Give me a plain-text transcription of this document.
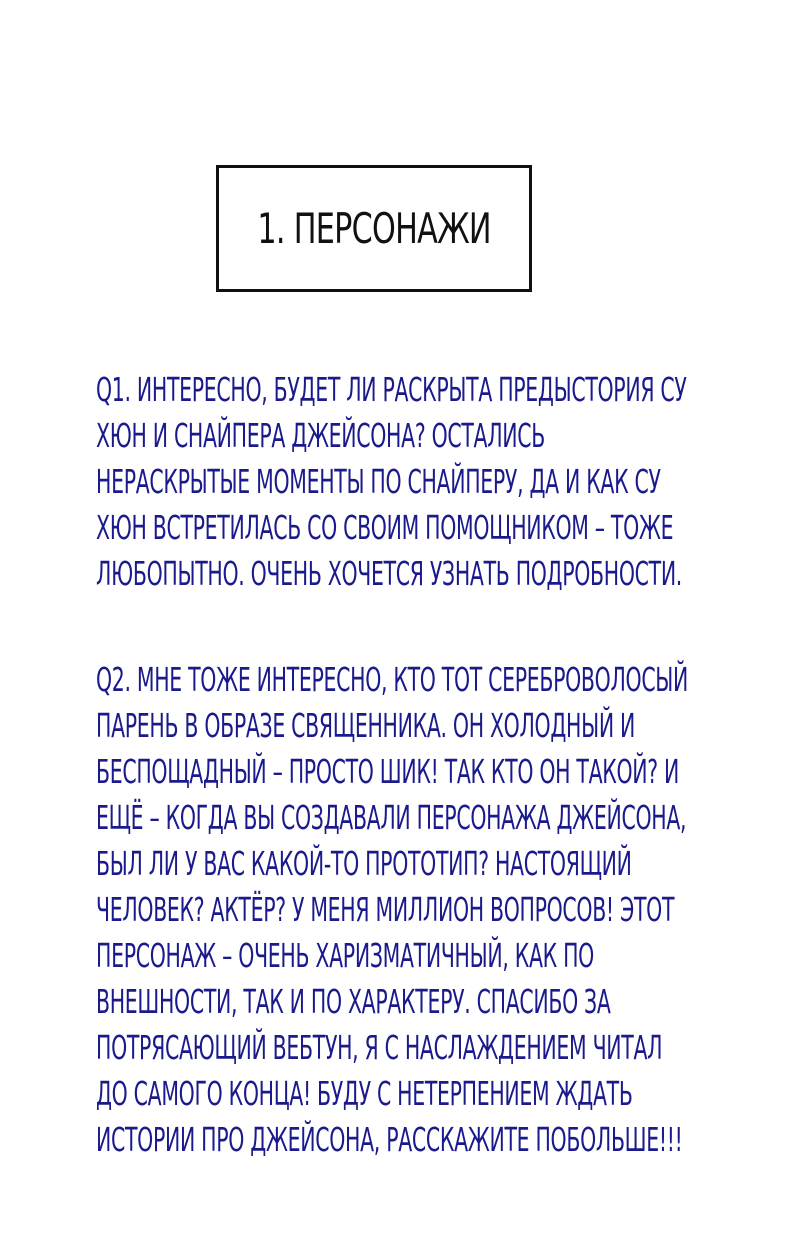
1. ПЕРСОНАЖИ
Q1. ИНТЕРЕСНО, БУДЕТ ЛИ РАСКРЫТА ПРЕДЫСТОРИЯ СУ
ХЮН И СНАЙПЕРА ДЖЕЙСОНА? ОСТАЛИСЬ
НЕРАСКРЫТЫЕ МОМЕНТЫ ПО СНАЙПЕРУ, ДА И КАК СУ
ХЮН ВСТРЕТИЛАСЬ СО СВОИМ ПОМОЩНИКОМ – ТОЖЕ
ЛЮБОПЫТНО. ОЧЕНЬ ХОЧЕТСЯ УЗНАТЬ ПОДРОБНОСТИ.
Q2. МНЕ ТОЖЕ ИНТЕРЕСНО, КТО ТОТ СЕРЕБРОВОЛОСЫЙ
ПАРЕНЬ В ОБРАЗЕ СВЯЩЕННИКА. ОН ХОЛОДНЫЙ И
БЕСПОЩАДНЫЙ – ПРОСТО ШИК! ТАК КТО ОН ТАКОЙ? И
ЕЩЁ – КОГДА ВЫ СОЗДАВАЛИ ПЕРСОНАЖА ДЖЕЙСОНА,
БЫЛ ЛИ У ВАС КАКОЙ-ТО ПРОТОТИП? НАСТОЯЩИЙ
ЧЕЛОВЕК? АКТЁР? У МЕНЯ МИЛЛИОН ВОПРОСОВ! ЭТОТ
ПЕРСОНАЖ – ОЧЕНЬ ХАРИЗМАТИЧНЫЙ, КАК ПО
ВНЕШНОСТИ, ТАК И ПО ХАРАКТЕРУ. СПАСИБО ЗА
ПОТРЯСАЮЩИЙ ВЕБТУН, Я С НАСЛАЖДЕНИЕМ ЧИТАЛ
ДО САМОГО КОНЦА! БУДУ С НЕТЕРПЕНИЕМ ЖДАТЬ
ИСТОРИИ ПРО ДЖЕЙСОНА, РАССКАЖИТЕ ПОБОЛЬШЕ!!!
